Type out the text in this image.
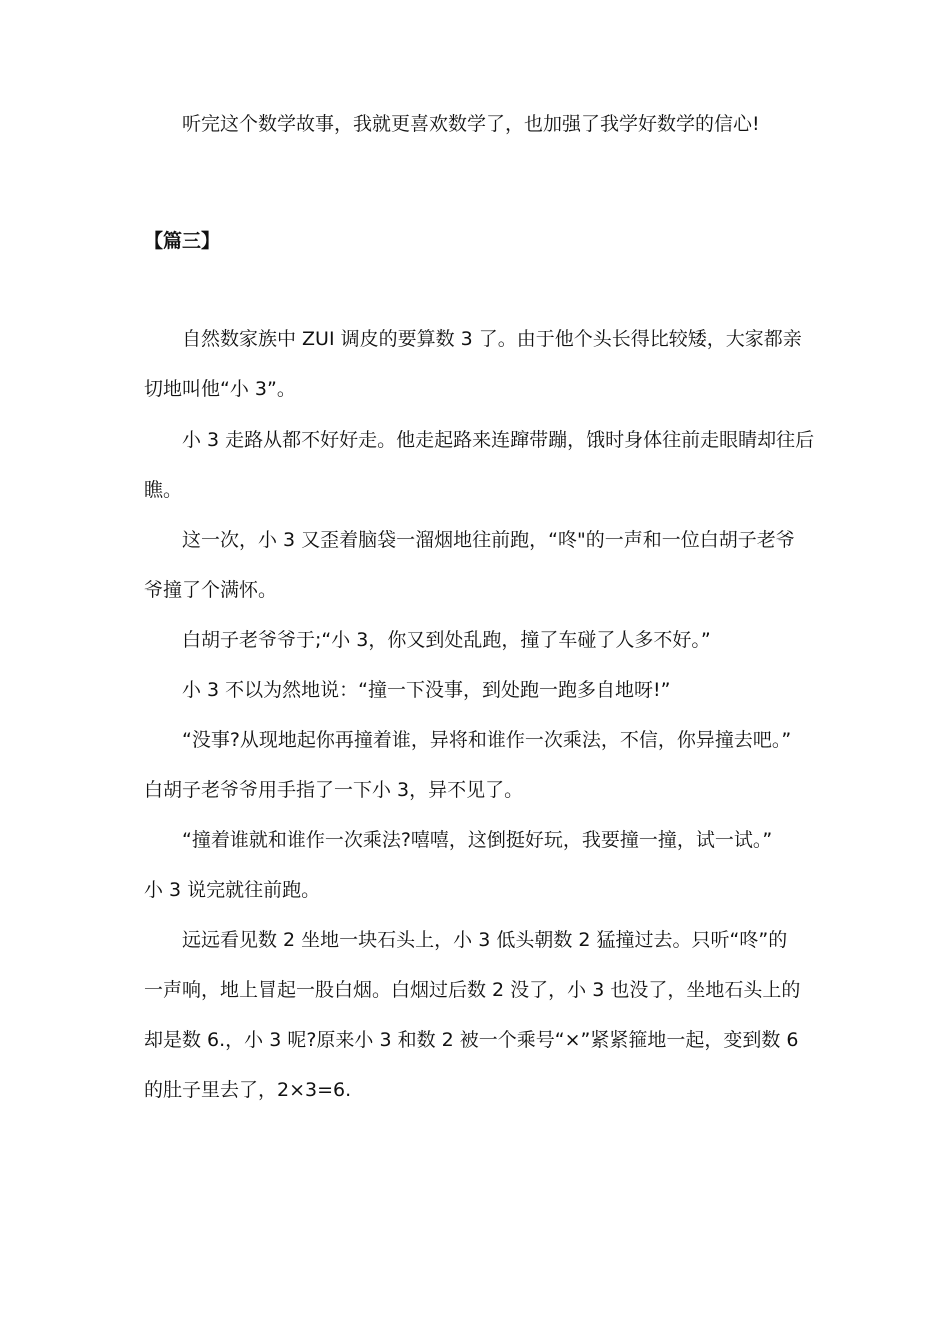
听完这个数学故事，我就更喜欢数学了，也加强了我学好数学的信心!
【篇三】
自然数家族中 ZUI 调皮的要算数 3 了。由于他个头长得比较矮，大家都亲
切地叫他“小 3”。
小 3 走路从都不好好走。他走起路来连蹿带蹦，饿时身体往前走眼睛却往后
瞧。
这一次，小 3 又歪着脑袋一溜烟地往前跑，“咚"的一声和一位白胡子老爷
爷撞了个满怀。
白胡子老爷爷于;“小 3，你又到处乱跑，撞了车碰了人多不好。”
小 3 不以为然地说：“撞一下没事，到处跑一跑多自地呀!”
“没事?从现地起你再撞着谁，异将和谁作一次乘法，不信，你异撞去吧。”
白胡子老爷爷用手指了一下小 3，异不见了。
“撞着谁就和谁作一次乘法?嘻嘻，这倒挺好玩，我要撞一撞，试一试。”
小 3 说完就往前跑。
远远看见数 2 坐地一块石头上，小 3 低头朝数 2 猛撞过去。只听“咚”的
一声响，地上冒起一股白烟。白烟过后数 2 没了，小 3 也没了，坐地石头上的
却是数 6.，小 3 呢?原来小 3 和数 2 被一个乘号“×”紧紧箍地一起，变到数 6
的肚子里去了，2×3=6.
